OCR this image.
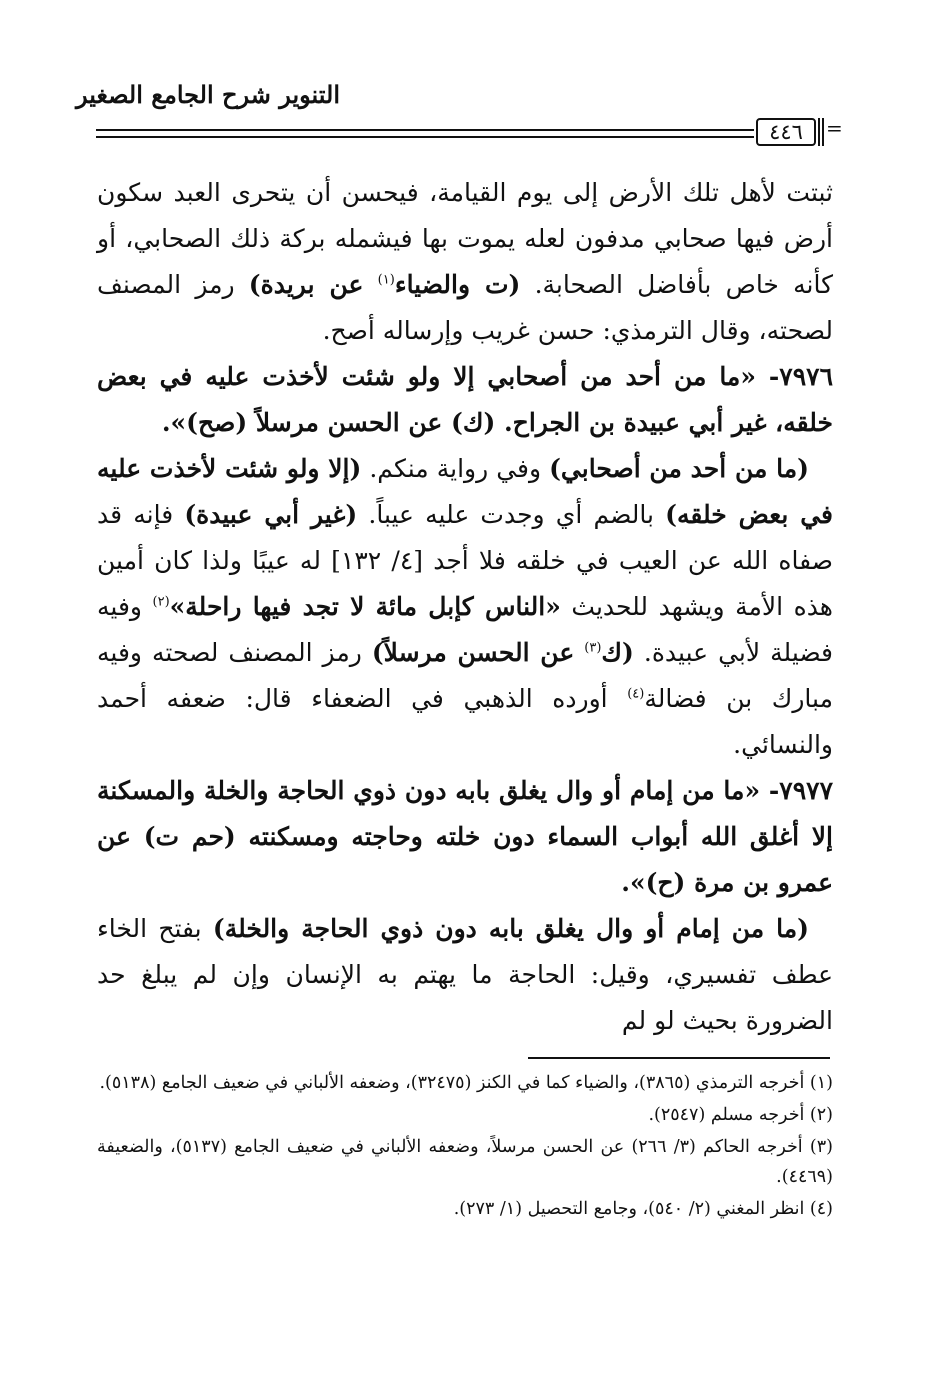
التنوير شرح الجامع الصغير
٤٤٦	=

ثبتت لأهل تلك الأرض إلى يوم القيامة، فيحسن أن يتحرى العبد سكون أرض فيها صحابي مدفون لعله يموت بها فيشمله بركة ذلك الصحابي، أو كأنه خاص بأفاضل الصحابة. (ت والضياء$^{(١)}$ عن بريدة) رمز المصنف لصحته، وقال الترمذي: حسن غريب وإرساله أصح.

٧٩٧٦- «ما من أحد من أصحابي إلا ولو شئت لأخذت عليه في بعض خلقه، غير أبي عبيدة بن الجراح. (ك) عن الحسن مرسلاً (صح)».

(ما من أحد من أصحابي) وفي رواية منكم. (إلا ولو شئت لأخذت عليه في بعض خلقه) بالضم أي وجدت عليه عيباً. (غير أبي عبيدة) فإنه قد صفاه الله عن العيب في خلقه فلا أجد [٤/ ١٣٢] له عيبًا ولذا كان أمين هذه الأمة ويشهد للحديث «الناس كإبل مائة لا تجد فيها راحلة»$^{(٢)}$ وفيه فضيلة لأبي عبيدة. (ك$^{(٣)}$ عن الحسن مرسلاً) رمز المصنف لصحته وفيه مبارك بن فضالة$^{(٤)}$ أورده الذهبي في الضعفاء قال: ضعفه أحمد والنسائي.

٧٩٧٧- «ما من إمام أو وال يغلق بابه دون ذوي الحاجة والخلة والمسكنة إلا أغلق الله أبواب السماء دون خلته وحاجته ومسكنته (حم ت) عن عمرو بن مرة (ح)».

(ما من إمام أو وال يغلق بابه دون ذوي الحاجة والخلة) بفتح الخاء عطف تفسيري، وقيل: الحاجة ما يهتم به الإنسان وإن لم يبلغ حد الضرورة بحيث لو لم

(١) أخرجه الترمذي (٣٨٦٥)، والضياء كما في الكنز (٣٢٤٧٥)، وضعفه الألباني في ضعيف الجامع (٥١٣٨).

(٢) أخرجه مسلم (٢٥٤٧).

(٣) أخرجه الحاكم (٣/ ٢٦٦) عن الحسن مرسلاً، وضعفه الألباني في ضعيف الجامع (٥١٣٧)، والضعيفة (٤٤٦٩).

(٤) انظر المغني (٢/ ٥٤٠)، وجامع التحصيل (١/ ٢٧٣).
